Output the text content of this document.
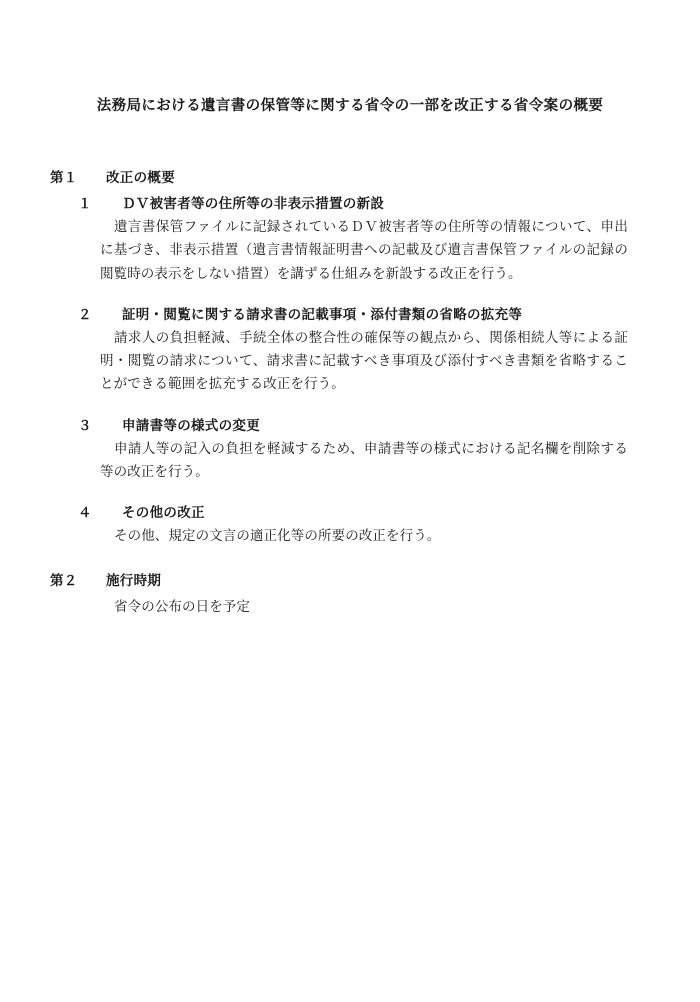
法務局における遺言書の保管等に関する省令の一部を改正する省令案の概要

第１ 改正の概要

１ ＤＶ被害者等の住所等の非表示措置の新設

遺言書保管ファイルに記録されているＤＶ被害者等の住所等の情報について、申出に基づき、非表示措置（遺言書情報証明書への記載及び遺言書保管ファイルの記録の閲覧時の表示をしない措置）を講ずる仕組みを新設する改正を行う。

２ 証明・閲覧に関する請求書の記載事項・添付書類の省略の拡充等

請求人の負担軽減、手続全体の整合性の確保等の観点から、関係相続人等による証明・閲覧の請求について、請求書に記載すべき事項及び添付すべき書類を省略することができる範囲を拡充する改正を行う。

３ 申請書等の様式の変更

申請人等の記入の負担を軽減するため、申請書等の様式における記名欄を削除する等の改正を行う。

４ その他の改正

その他、規定の文言の適正化等の所要の改正を行う。

第２ 施行時期

省令の公布の日を予定
